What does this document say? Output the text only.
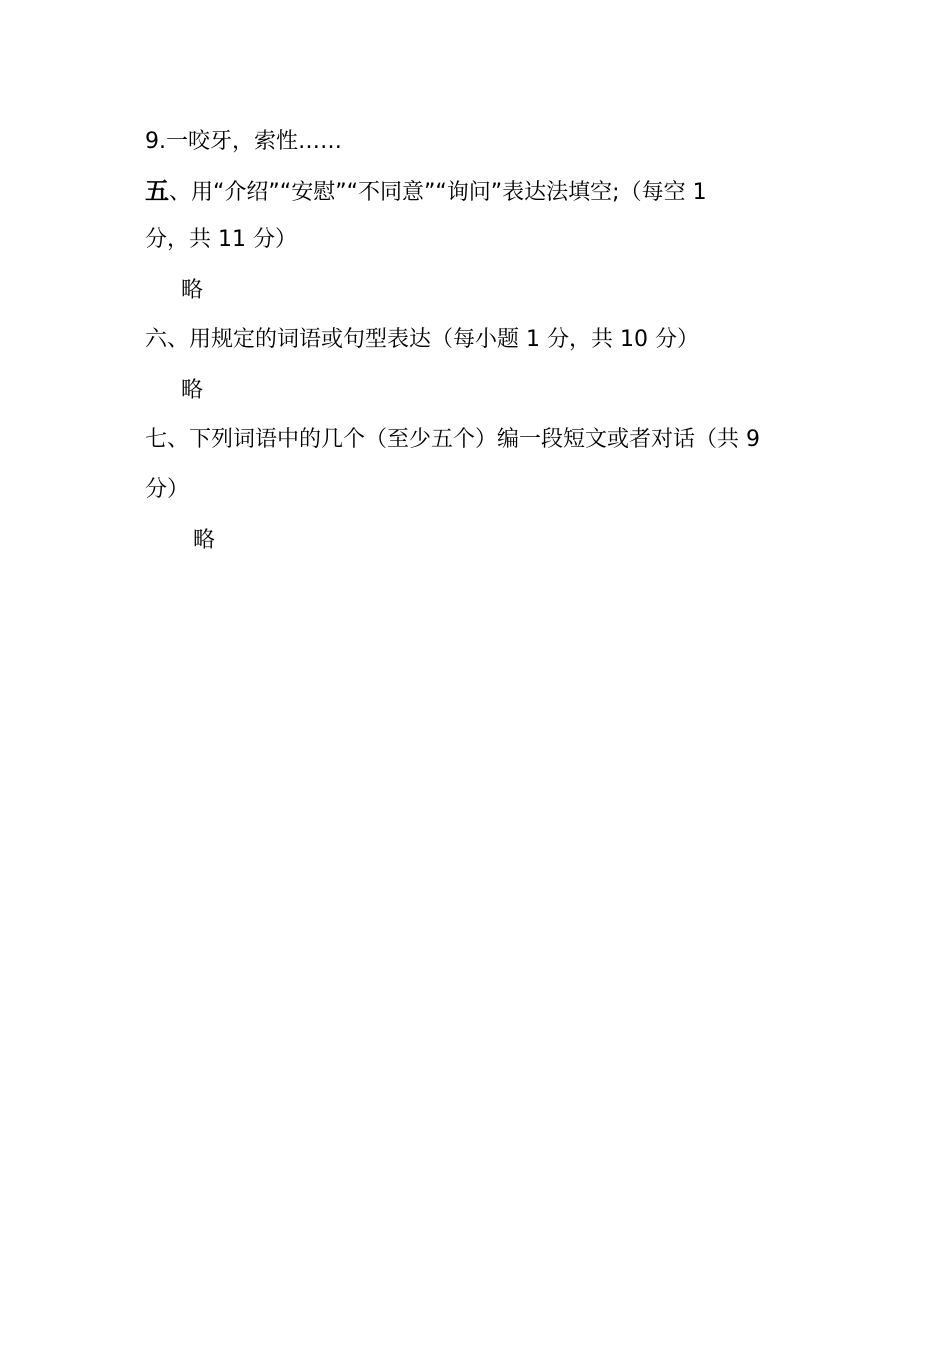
9.一咬牙，索性……
五、用“介绍”“安慰”“不同意”“询问”表达法填空;（每空 1
分，共 11 分）
略
六、用规定的词语或句型表达（每小题 1 分，共 10 分）
略
七、下列词语中的几个（至少五个）编一段短文或者对话（共 9
分）
略
